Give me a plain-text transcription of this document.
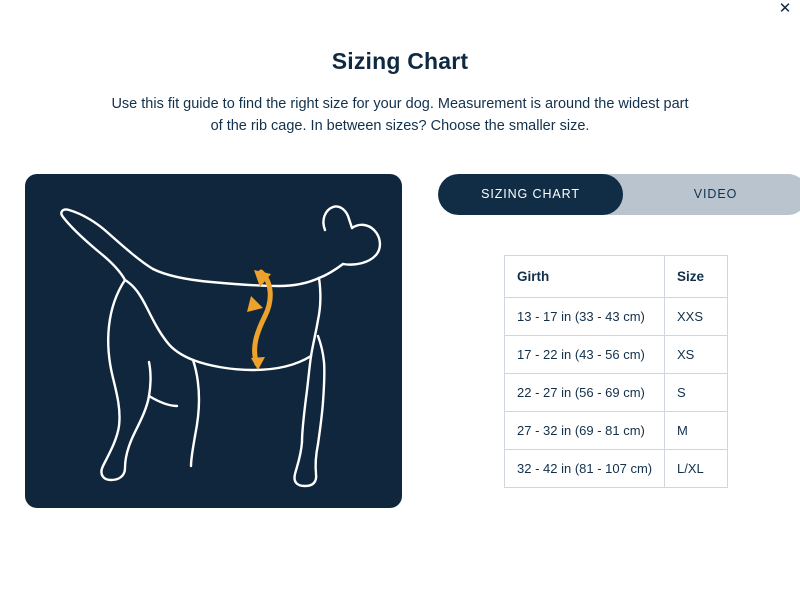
✕
Sizing Chart

Use this fit guide to find the right size for your dog. Measurement is around the widest part of the rib cage. In between sizes? Choose the smaller size.

SIZING CHART	VIDEO
Girth	Size
13 - 17 in (33 - 43 cm)	XXS
17 - 22 in (43 - 56 cm)	XS
22 - 27 in (56 - 69 cm)	S
27 - 32 in (69 - 81 cm)	M
32 - 42 in (81 - 107 cm)	L/XL
